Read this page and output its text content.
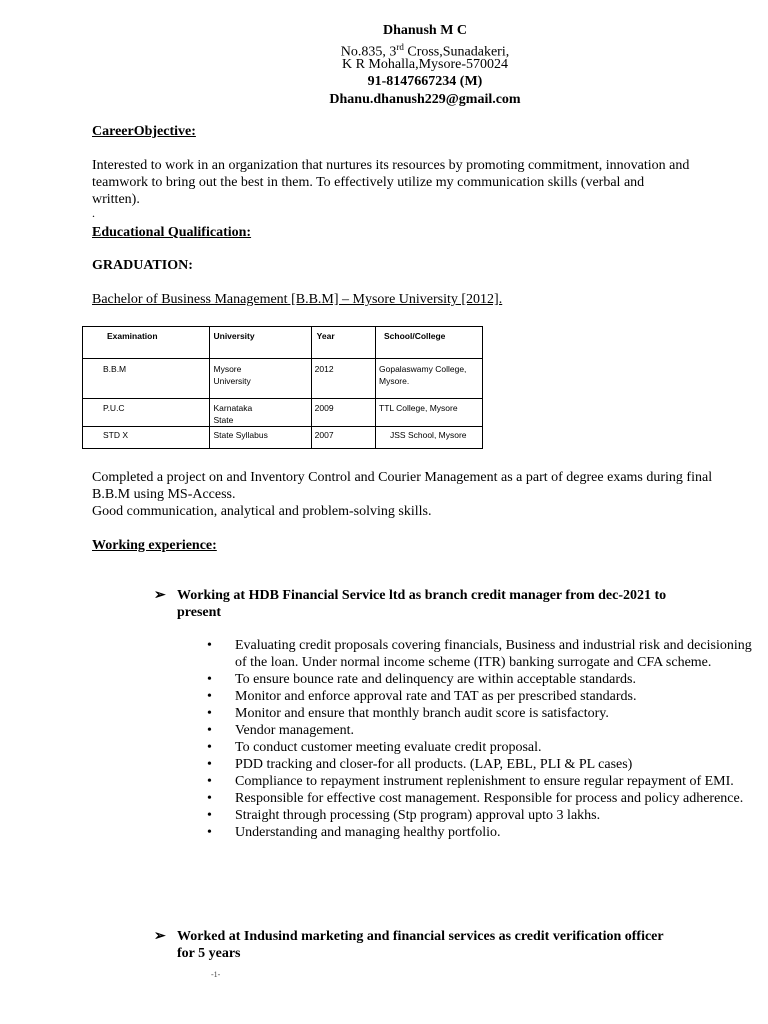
Dhanush M C
No.835, 3rd Cross,Sunadakeri,
K R Mohalla,Mysore-570024
91-8147667234 (M)
Dhanu.dhanush229@gmail.com
CareerObjective:
Interested to work in an organization that nurtures its resources by promoting commitment, innovation and teamwork to bring out the best in them. To effectively utilize my communication skills (verbal and written).
.
Educational Qualification:
GRADUATION:
Bachelor of Business Management [B.B.M] – Mysore University [2012].
Examination	University	Year	School/College
B.B.M	Mysore University	2012	Gopalaswamy College, Mysore.

P.U.C	Karnataka State	2009	TTL College, Mysore
STD X	State Syllabus	2007	JSS School, Mysore
Completed a project on and Inventory Control and Courier Management as a part of degree exams during final B.B.M using MS-Access.
Good communication, analytical and problem-solving skills.
Working experience:
➢ Working at HDB Financial Service ltd as branch credit manager from dec-2021 to present
• Evaluating credit proposals covering financials, Business and industrial risk and decisioning of the loan. Under normal income scheme (ITR) banking surrogate and CFA scheme.
• To ensure bounce rate and delinquency are within acceptable standards.
• Monitor and enforce approval rate and TAT as per prescribed standards.
• Monitor and ensure that monthly branch audit score is satisfactory.
• Vendor management.
• To conduct customer meeting evaluate credit proposal.
• PDD tracking and closer-for all products. (LAP, EBL, PLI & PL cases)
• Compliance to repayment instrument replenishment to ensure regular repayment of EMI.
• Responsible for effective cost management. Responsible for process and policy adherence.
• Straight through processing (Stp program) approval upto 3 lakhs.
• Understanding and managing healthy portfolio.
➢ Worked at Indusind marketing and financial services as credit verification officer for 5 years
-1-
